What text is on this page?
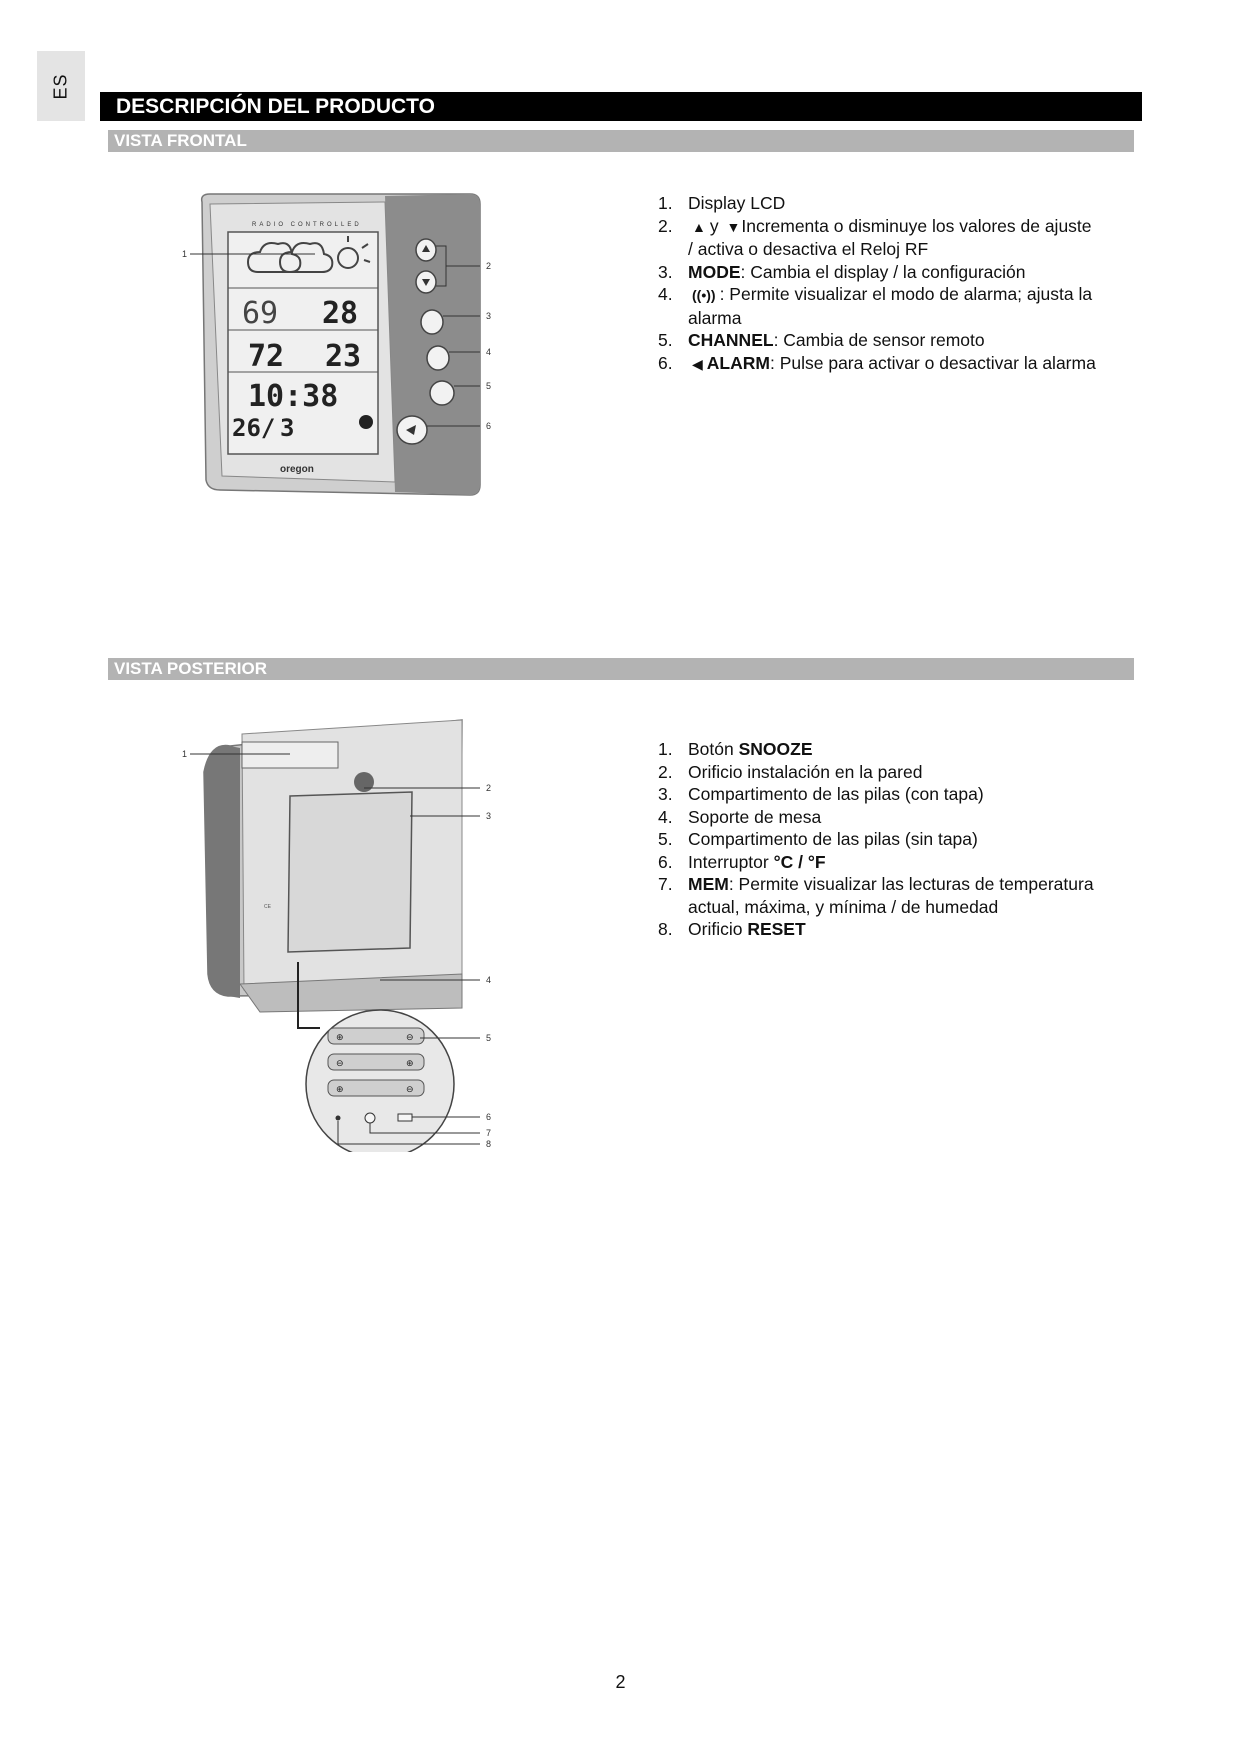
ES
DESCRIPCIÓN DEL PRODUCTO
VISTA FRONTAL
RADIO CONTROLLED
69 28
72 23
10:38
26/ 3
oregon
1
2
3
4
5
6
1. Display LCD
2.	▲ y ▼Incrementa o disminuye los valores de ajuste
/ activa o desactiva el Reloj RF
3. MODE: Cambia el display / la configuración
4.	((•)) : Permite visualizar el modo de alarma; ajusta la
alarma
5. CHANNEL: Cambia de sensor remoto
6.	◀ ALARM: Pulse para activar o desactivar la alarma
VISTA POSTERIOR
CE
⊕	⊖
⊖	⊕
⊕	⊖
1
2
3
4
5
6
7
8
1. Botón SNOOZE
2. Orificio instalación en la pared
3. Compartimento de las pilas (con tapa)
4. Soporte de mesa
5. Compartimento de las pilas (sin tapa)
6. Interruptor °C / °F
7. MEM: Permite visualizar las lecturas de temperatura
actual, máxima, y mínima / de humedad
8. Orificio RESET
2
